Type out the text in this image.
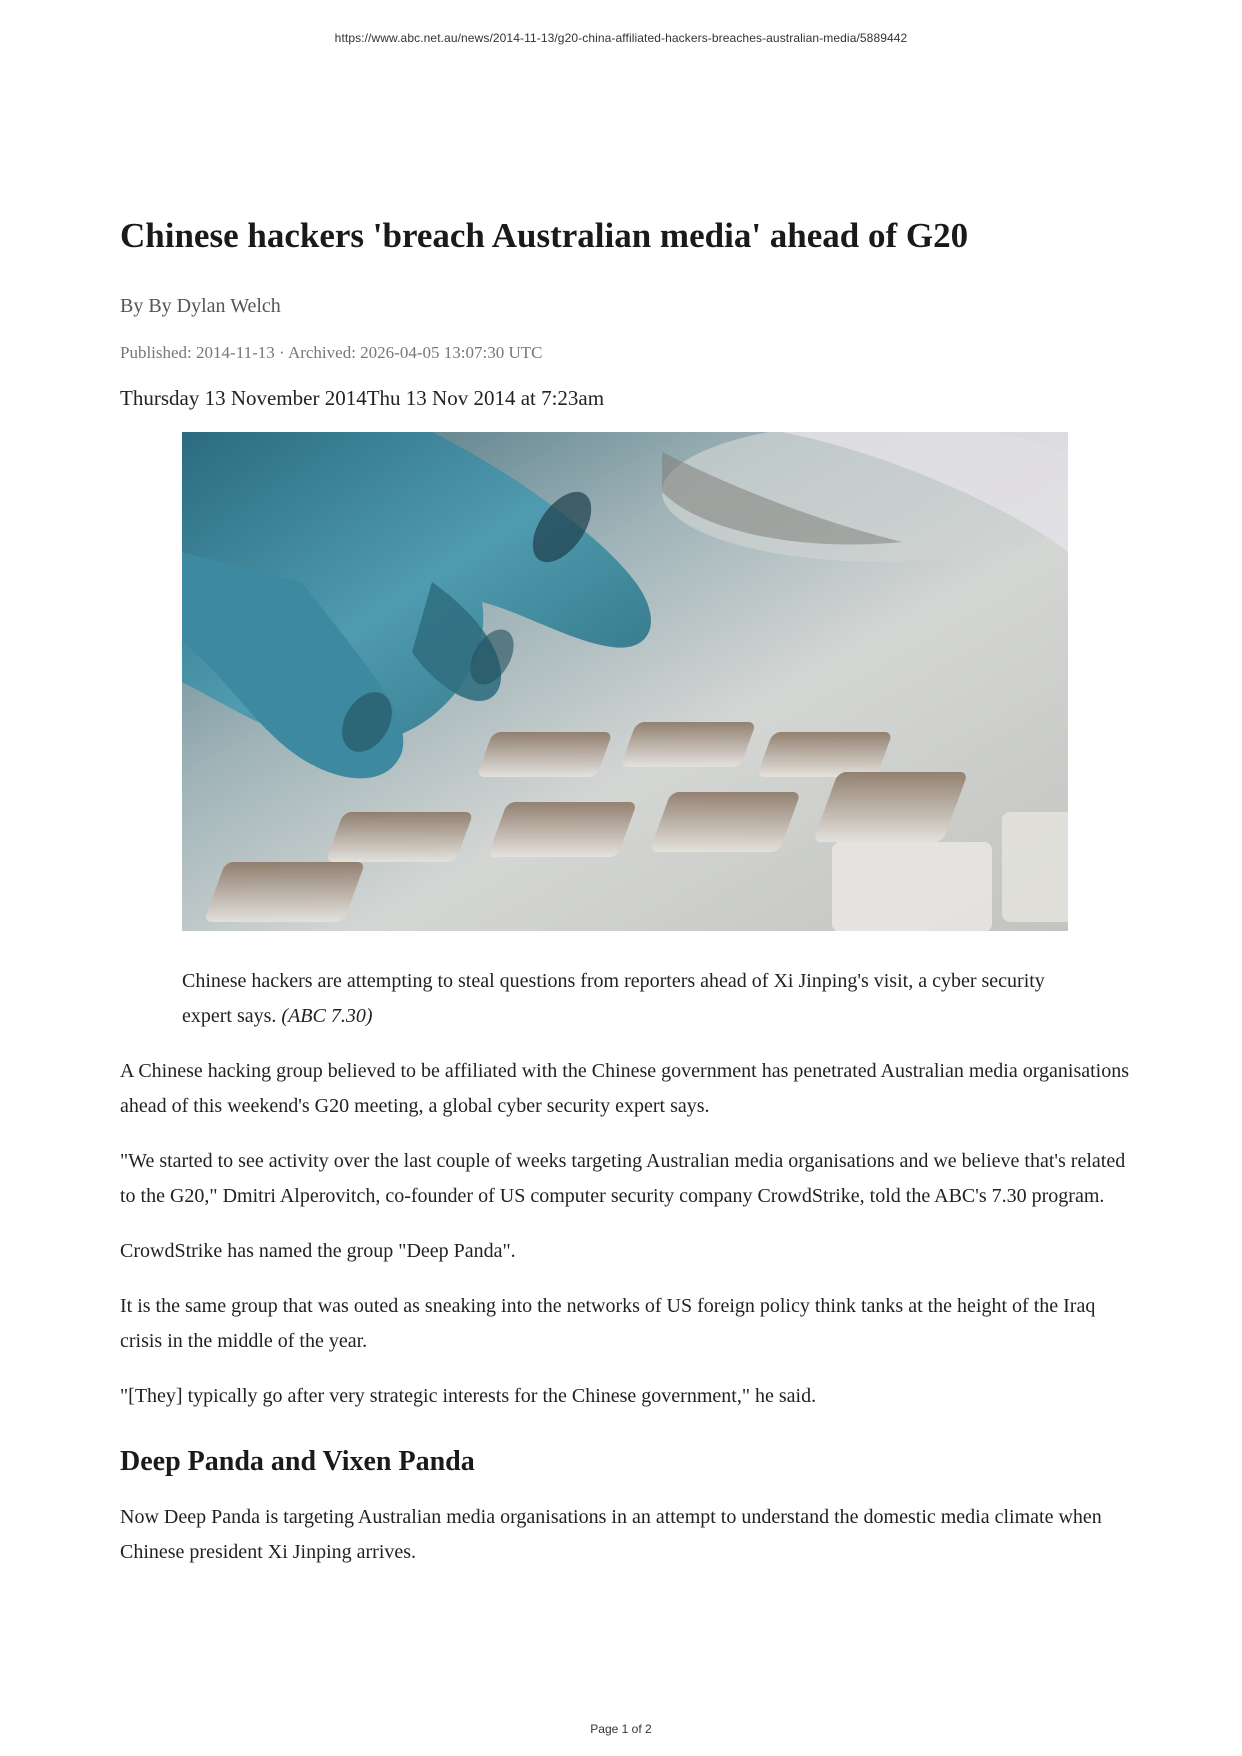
https://www.abc.net.au/news/2014-11-13/g20-china-affiliated-hackers-breaches-australian-media/5889442
Chinese hackers 'breach Australian media' ahead of G20
By By Dylan Welch
Published: 2014-11-13 · Archived: 2026-04-05 13:07:30 UTC
Thursday 13 November 2014Thu 13 Nov 2014 at 7:23am
Chinese hackers are attempting to steal questions from reporters ahead of Xi Jinping's visit, a cyber security expert says. (ABC 7.30)

A Chinese hacking group believed to be affiliated with the Chinese government has penetrated Australian media organisations ahead of this weekend's G20 meeting, a global cyber security expert says.

"We started to see activity over the last couple of weeks targeting Australian media organisations and we believe that's related to the G20," Dmitri Alperovitch, co-founder of US computer security company CrowdStrike, told the ABC's 7.30 program.

CrowdStrike has named the group "Deep Panda".

It is the same group that was outed as sneaking into the networks of US foreign policy think tanks at the height of the Iraq crisis in the middle of the year.

"[They] typically go after very strategic interests for the Chinese government," he said.

Deep Panda and Vixen Panda

Now Deep Panda is targeting Australian media organisations in an attempt to understand the domestic media climate when Chinese president Xi Jinping arrives.

Page 1 of 2
